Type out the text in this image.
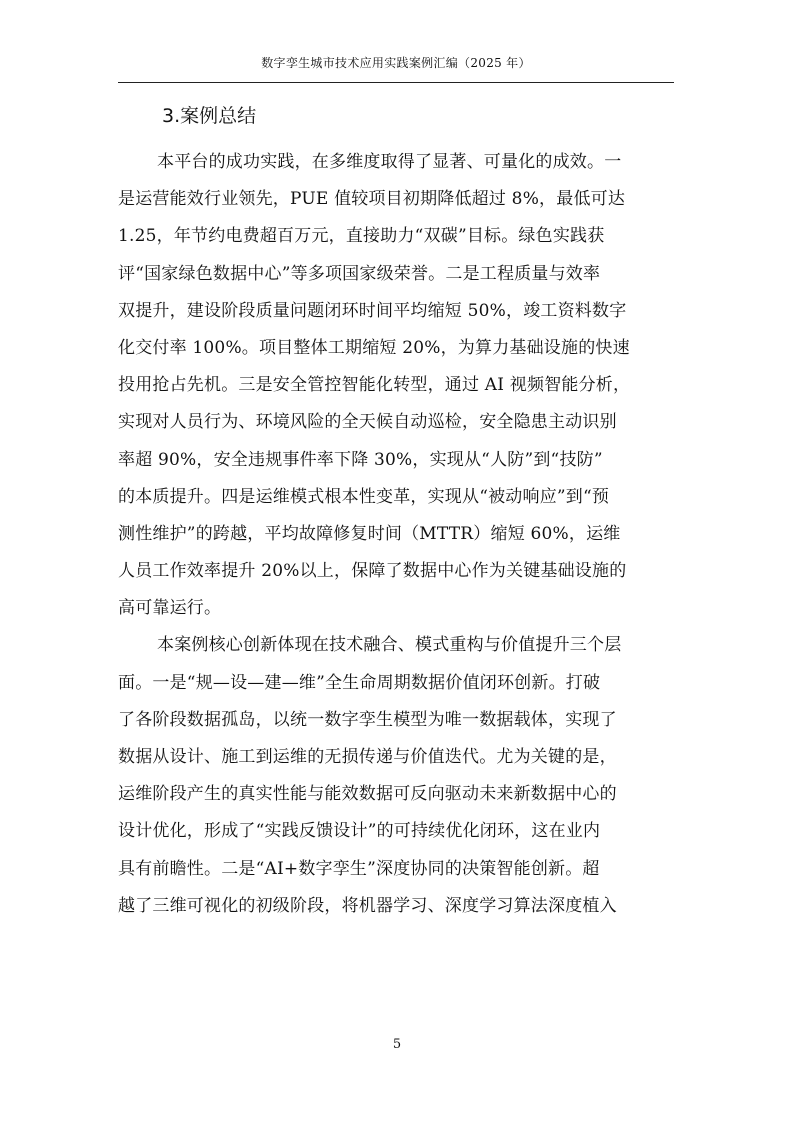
数字孪生城市技术应用实践案例汇编（2025 年）
3.案例总结
本平台的成功实践，在多维度取得了显著、可量化的成效。一
是运营能效行业领先，PUE 值较项目初期降低超过 8%，最低可达
1.25，年节约电费超百万元，直接助力“双碳”目标。绿色实践获
评“国家绿色数据中心”等多项国家级荣誉。二是工程质量与效率
双提升，建设阶段质量问题闭环时间平均缩短 50%，竣工资料数字
化交付率 100%。项目整体工期缩短 20%，为算力基础设施的快速
投用抢占先机。三是安全管控智能化转型，通过 AI 视频智能分析，
实现对人员行为、环境风险的全天候自动巡检，安全隐患主动识别
率超 90%，安全违规事件率下降 30%，实现从“人防”到“技防”
的本质提升。四是运维模式根本性变革，实现从“被动响应”到“预
测性维护”的跨越，平均故障修复时间（MTTR）缩短 60%，运维
人员工作效率提升 20%以上，保障了数据中心作为关键基础设施的
高可靠运行。
本案例核心创新体现在技术融合、模式重构与价值提升三个层
面。一是“规—设—建—维”全生命周期数据价值闭环创新。打破
了各阶段数据孤岛，以统一数字孪生模型为唯一数据载体，实现了
数据从设计、施工到运维的无损传递与价值迭代。尤为关键的是，
运维阶段产生的真实性能与能效数据可反向驱动未来新数据中心的
设计优化，形成了“实践反馈设计”的可持续优化闭环，这在业内
具有前瞻性。二是“AI+数字孪生”深度协同的决策智能创新。超
越了三维可视化的初级阶段，将机器学习、深度学习算法深度植入
5
